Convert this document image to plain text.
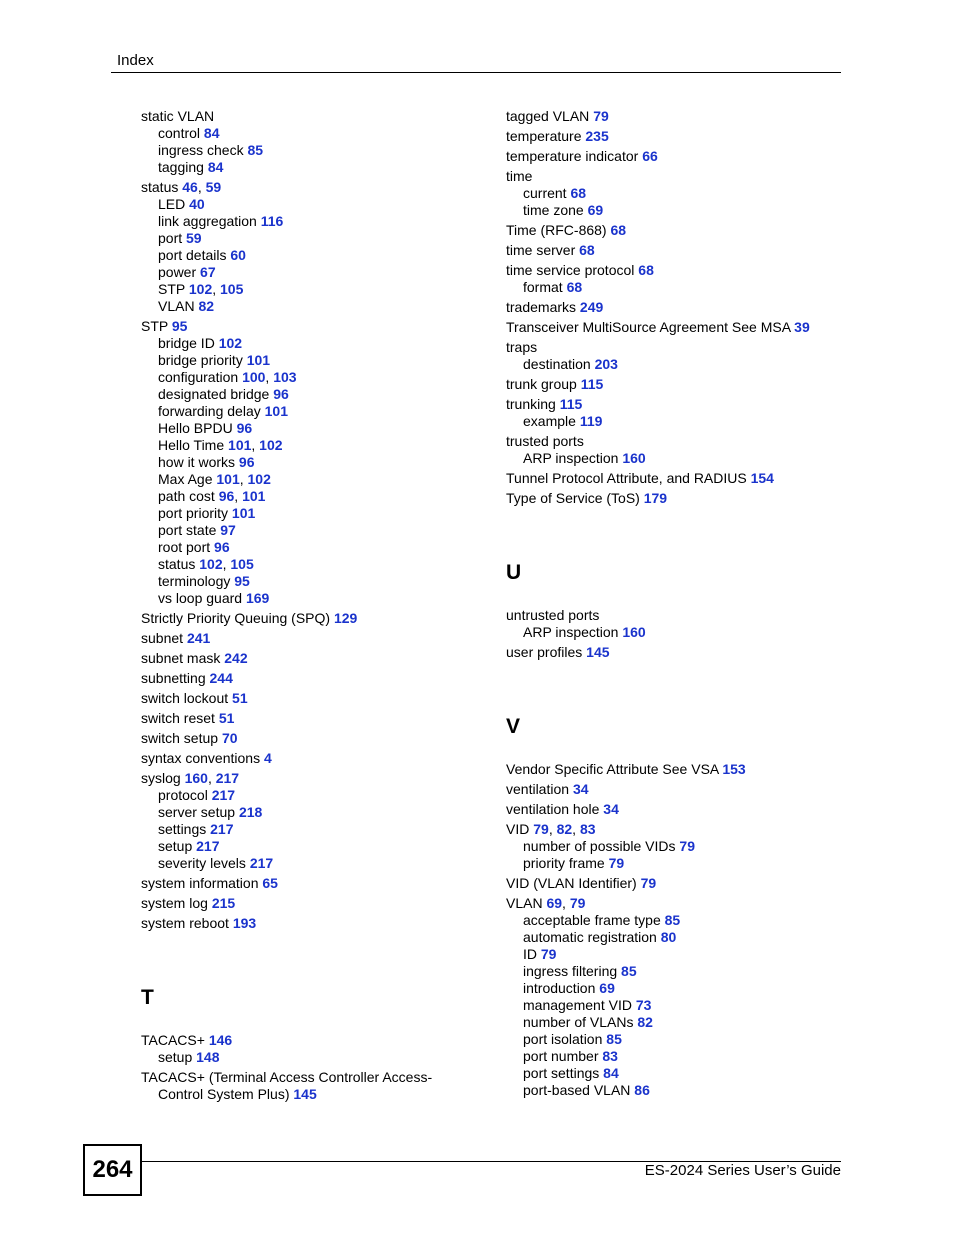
Index
static VLAN
control 84
ingress check 85
tagging 84
status 46, 59
LED 40
link aggregation 116
port 59
port details 60
power 67
STP 102, 105
VLAN 82
STP 95
bridge ID 102
bridge priority 101
configuration 100, 103
designated bridge 96
forwarding delay 101
Hello BPDU 96
Hello Time 101, 102
how it works 96
Max Age 101, 102
path cost 96, 101
port priority 101
port state 97
root port 96
status 102, 105
terminology 95
vs loop guard 169
Strictly Priority Queuing (SPQ) 129
subnet 241
subnet mask 242
subnetting 244
switch lockout 51
switch reset 51
switch setup 70
syntax conventions 4
syslog 160, 217
protocol 217
server setup 218
settings 217
setup 217
severity levels 217
system information 65
system log 215
system reboot 193
T
TACACS+ 146
setup 148
TACACS+ (Terminal Access Controller Access-
Control System Plus) 145
tagged VLAN 79
temperature 235
temperature indicator 66
time
current 68
time zone 69
Time (RFC-868) 68
time server 68
time service protocol 68
format 68
trademarks 249
Transceiver MultiSource Agreement See MSA 39
traps
destination 203
trunk group 115
trunking 115
example 119
trusted ports
ARP inspection 160
Tunnel Protocol Attribute, and RADIUS 154
Type of Service (ToS) 179
U
untrusted ports
ARP inspection 160
user profiles 145
V
Vendor Specific Attribute See VSA 153
ventilation 34
ventilation hole 34
VID 79, 82, 83
number of possible VIDs 79
priority frame 79
VID (VLAN Identifier) 79
VLAN 69, 79
acceptable frame type 85
automatic registration 80
ID 79
ingress filtering 85
introduction 69
management VID 73
number of VLANs 82
port isolation 85
port number 83
port settings 84
port-based VLAN 86
264	ES-2024 Series User’s Guide
